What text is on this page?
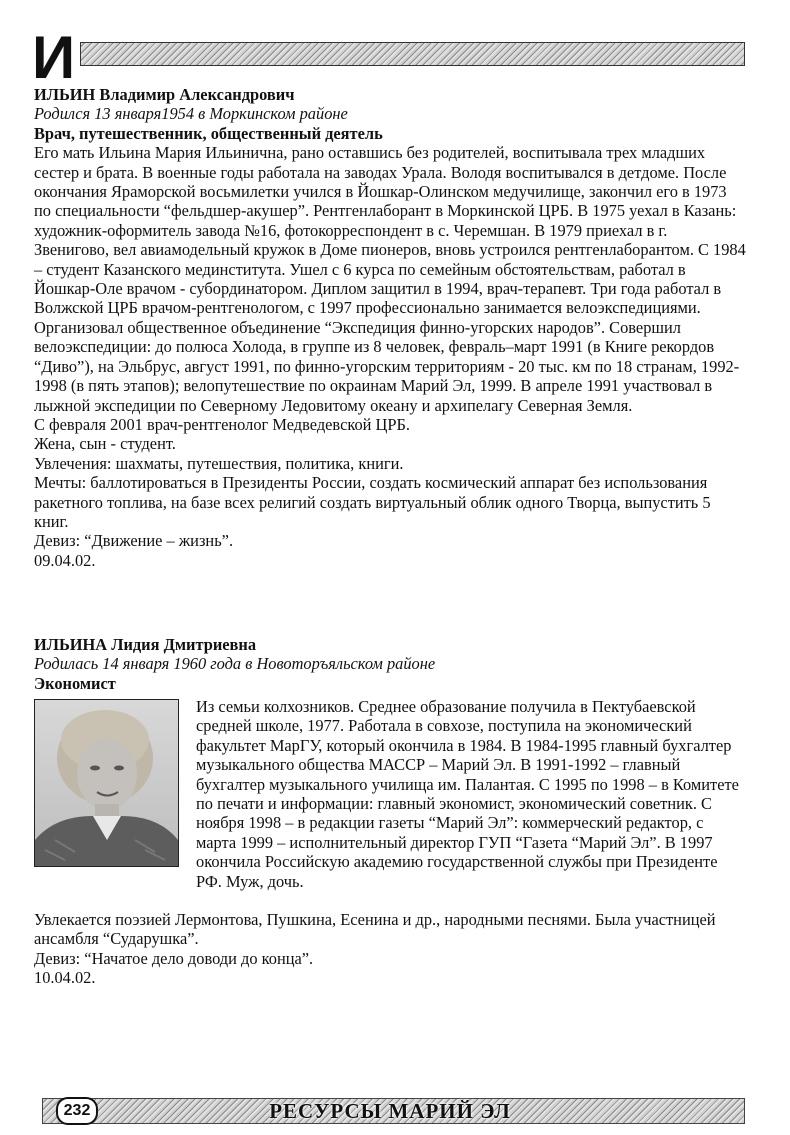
И
ИЛЬИН Владимир Александрович
Родился 13 января1954 в Моркинском районе
Врач, путешественник, общественный деятель

Его мать Ильина Мария Ильинична, рано оставшись без родителей, воспитывала трех младших сестер и брата. В военные годы работала на заводах Урала. Володя воспитывался в детдоме. После окончания Яраморской восьмилетки учился в Йошкар-Олинском медучилище, закончил его в 1973 по специальности “фельдшер-акушер”. Рентгенлаборант в Моркинской ЦРБ. В 1975 уехал в Казань: художник-оформитель завода №16, фотокорреспондент в с. Черемшан. В 1979 приехал в г. Звенигово, вел авиамодельный кружок в Доме пионеров, вновь устроился рентгенлаборантом. С 1984 – студент Казанского мединститута. Ушел с 6 курса по семейным обстоятельствам, работал в Йошкар-Оле врачом - субординатором. Диплом защитил в 1994, врач-терапевт. Три года работал в Волжской ЦРБ врачом-рентгенологом, с 1997 профессионально занимается велоэкспедициями. Организовал общественное объединение “Экспедиция финно-угорских народов”. Совершил велоэкспедиции: до полюса Холода, в группе из 8 человек, февраль–март 1991 (в Книге рекордов “Диво”), на Эльбрус, август 1991, по финно-угорским территориям - 20 тыс. км по 18 странам, 1992-1998 (в пять этапов); велопутешествие по окраинам Марий Эл, 1999. В апреле 1991 участвовал в лыжной экспедиции по Северному Ледовитому океану и архипелагу Северная Земля.

С февраля 2001 врач-рентгенолог Медведевской ЦРБ.

Жена, сын - студент.

Увлечения: шахматы, путешествия, политика, книги.

Мечты: баллотироваться в Президенты России, создать космический аппарат без использования ракетного топлива, на базе всех религий создать виртуальный облик одного Творца, выпустить 5 книг.

Девиз: “Движение – жизнь”.

09.04.02.

ИЛЬИНА Лидия Дмитриевна
Родилась 14 января 1960 года в Новоторъяльском районе
Экономист
Из семьи колхозников. Среднее образование получила в Пектубаевской средней школе, 1977. Работала в совхозе, поступила на экономический факультет МарГУ, который окончила в 1984. В 1984-1995 главный бухгалтер музыкального общества МАССР – Марий Эл. В 1991-1992 – главный бухгалтер музыкального училища им. Палантая. С 1995 по 1998 – в Комитете по печати и информации: главный экономист, экономический советник. С ноября 1998 – в редакции газеты “Марий Эл”: коммерческий редактор, с марта 1999 – исполнительный директор ГУП “Газета “Марий Эл”. В 1997 окончила Российскую академию государственной службы при Президенте РФ. Муж, дочь.

Увлекается поэзией Лермонтова, Пушкина, Есенина и др., народными песнями. Была участницей ансамбля “Сударушка”.

Девиз: “Начатое дело доводи до конца”.

10.04.02.

232	РЕСУРСЫ МАРИЙ ЭЛ
